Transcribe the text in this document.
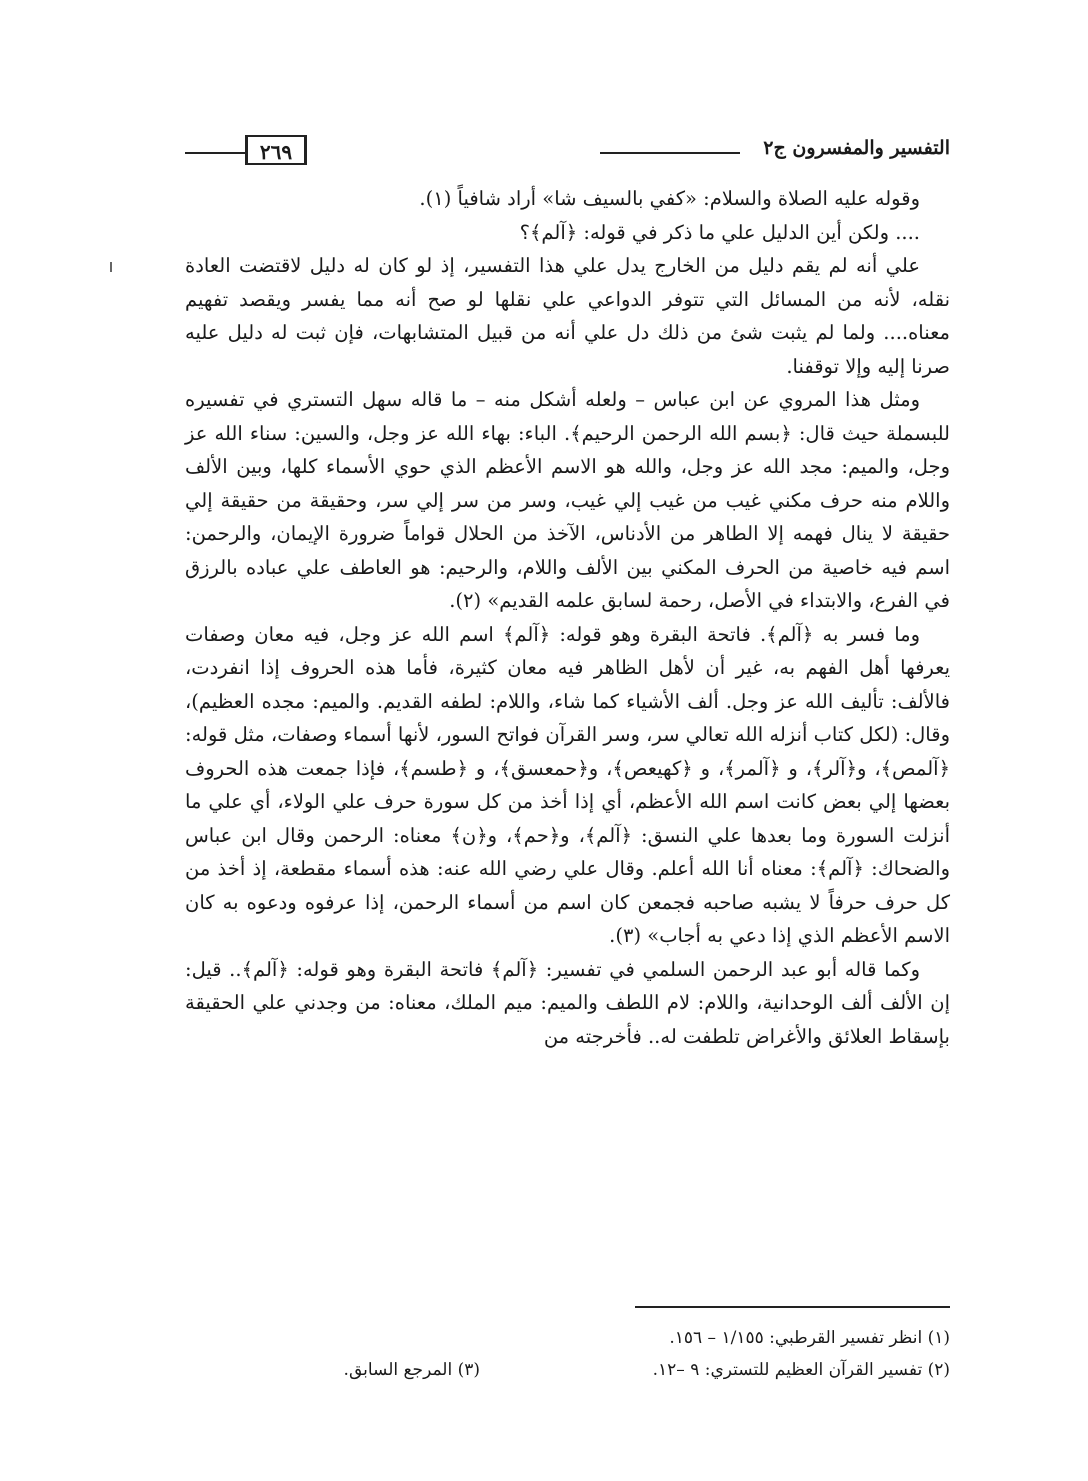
التفسير والمفسرون ج٢
٢٦٩

وقوله عليه الصلاة والسلام: «كفي بالسيف شا» أراد شافياً (١).

.... ولكن أين الدليل علي ما ذكر في قوله: ﴿آلم﴾؟

علي أنه لم يقم دليل من الخارج يدل علي هذا التفسير، إذ لو كان له دليل لاقتضت العادة نقله، لأنه من المسائل التي تتوفر الدواعي علي نقلها لو صح أنه مما يفسر ويقصد تفهيم معناه.... ولما لم يثبت شئ من ذلك دل علي أنه من قبيل المتشابهات، فإن ثبت له دليل عليه صرنا إليه وإلا توقفنا.

ومثل هذا المروي عن ابن عباس – ولعله أشكل منه – ما قاله سهل التستري في تفسيره للبسملة حيث قال: ﴿بسم الله الرحمن الرحيم﴾. الباء: بهاء الله عز وجل، والسين: سناء الله عز وجل، والميم: مجد الله عز وجل، والله هو الاسم الأعظم الذي حوي الأسماء كلها، وبين الألف واللام منه حرف مكني غيب من غيب إلي غيب، وسر من سر إلي سر، وحقيقة من حقيقة إلي حقيقة لا ينال فهمه إلا الطاهر من الأدناس، الآخذ من الحلال قواماً ضرورة الإيمان، والرحمن: اسم فيه خاصية من الحرف المكني بين الألف واللام، والرحيم: هو العاطف علي عباده بالرزق في الفرع، والابتداء في الأصل، رحمة لسابق علمه القديم» (٢).

وما فسر به ﴿آلم﴾. فاتحة البقرة وهو قوله: ﴿آلم﴾ اسم الله عز وجل، فيه معان وصفات يعرفها أهل الفهم به، غير أن لأهل الظاهر فيه معان كثيرة، فأما هذه الحروف إذا انفردت، فالألف: تأليف الله عز وجل. ألف الأشياء كما شاء، واللام: لطفه القديم. والميم: مجده العظيم)، وقال: (لكل كتاب أنزله الله تعالي سر، وسر القرآن فواتح السور، لأنها أسماء وصفات، مثل قوله: ﴿آلمص﴾، و﴿آلر﴾، و ﴿آلمر﴾، و ﴿كهيعص﴾، و﴿حمعسق﴾، و ﴿طسم﴾، فإذا جمعت هذه الحروف بعضها إلي بعض كانت اسم الله الأعظم، أي إذا أخذ من كل سورة حرف علي الولاء، أي علي ما أنزلت السورة وما بعدها علي النسق: ﴿آلم﴾، و﴿حم﴾، و﴿ن﴾ معناه: الرحمن وقال ابن عباس والضحاك: ﴿آلم﴾: معناه أنا الله أعلم. وقال علي رضي الله عنه: هذه أسماء مقطعة، إذ أخذ من كل حرف حرفاً لا يشبه صاحبه فجمعن كان اسم من أسماء الرحمن، إذا عرفوه ودعوه به كان الاسم الأعظم الذي إذا دعي به أجاب» (٣).

وكما قاله أبو عبد الرحمن السلمي في تفسير: ﴿آلم﴾ فاتحة البقرة وهو قوله: ﴿آلم﴾.. قيل: إن الألف ألف الوحدانية، واللام: لام اللطف والميم: ميم الملك، معناه: من وجدني علي الحقيقة بإسقاط العلائق والأغراض تلطفت له.. فأخرجته من

(١) انظر تفسير القرطبي: ١/١٥٥ – ١٥٦.
(٢) تفسير القرآن العظيم للتستري: ٩ –١٢.
(٣) المرجع السابق.
